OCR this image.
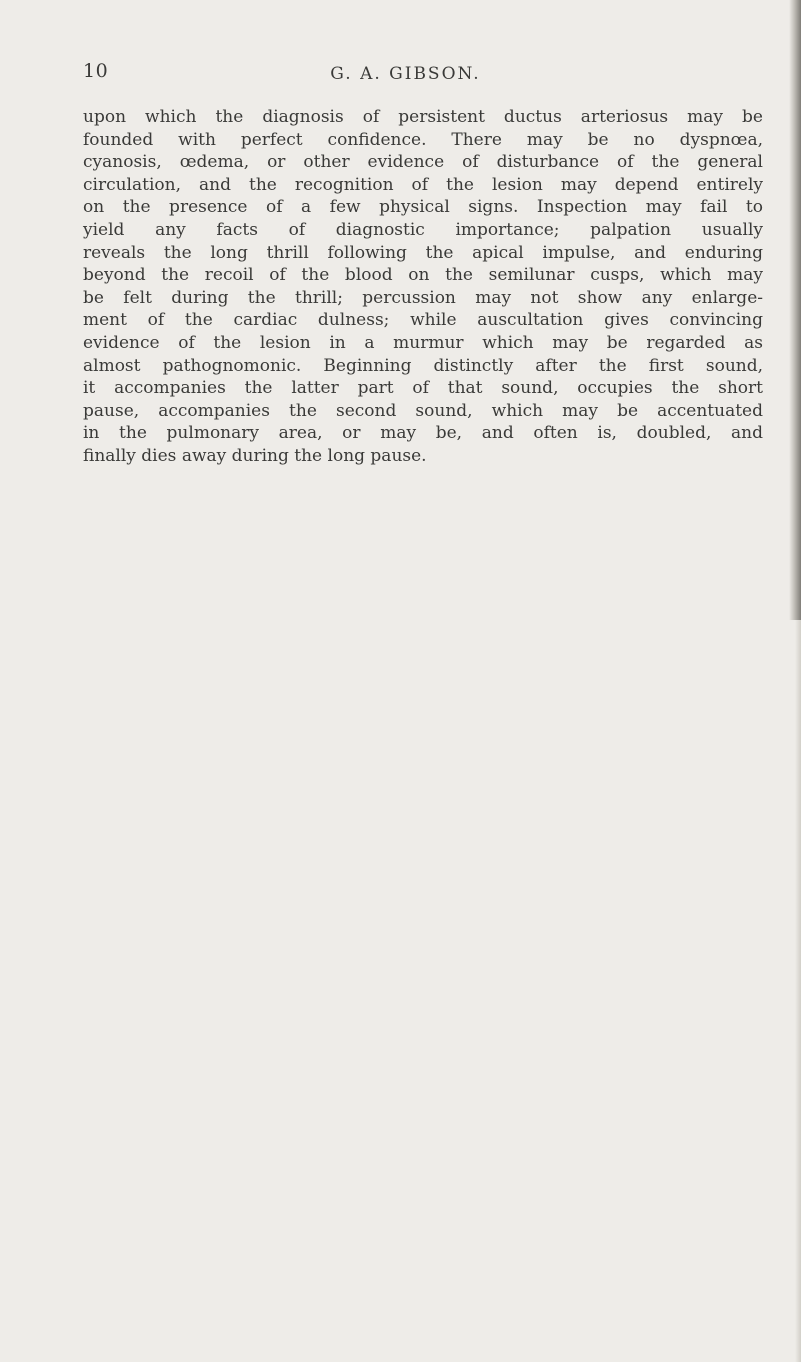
10	G. A. GIBSON.
upon which the diagnosis of persistent ductus arteriosus may be
founded with perfect confidence. There may be no dyspnœa,
cyanosis, œdema, or other evidence of disturbance of the general
circulation, and the recognition of the lesion may depend entirely
on the presence of a few physical signs. Inspection may fail to
yield any facts of diagnostic importance; palpation usually
reveals the long thrill following the apical impulse, and enduring
beyond the recoil of the blood on the semilunar cusps, which may
be felt during the thrill; percussion may not show any enlarge-
ment of the cardiac dulness; while auscultation gives convincing
evidence of the lesion in a murmur which may be regarded as
almost pathognomonic. Beginning distinctly after the first sound,
it accompanies the latter part of that sound, occupies the short
pause, accompanies the second sound, which may be accentuated
in the pulmonary area, or may be, and often is, doubled, and
finally dies away during the long pause.
